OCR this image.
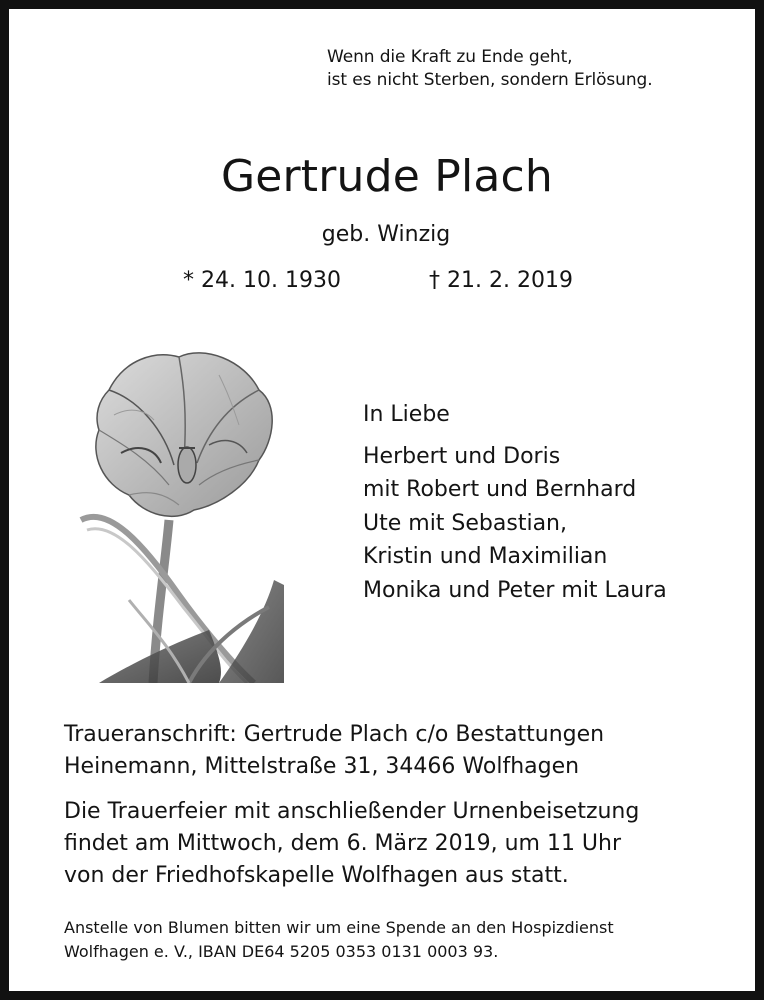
Wenn die Kraft zu Ende geht,
ist es nicht Sterben, sondern Erlösung.
Gertrude Plach
geb. Winzig
* 24. 10. 1930	† 21. 2. 2019
In Liebe
Herbert und Doris
mit Robert und Bernhard
Ute mit Sebastian,
Kristin und Maximilian
Monika und Peter mit Laura
Traueranschrift: Gertrude Plach c/o Bestattungen
Heinemann, Mittelstraße 31, 34466 Wolfhagen
Die Trauerfeier mit anschließender Urnenbeisetzung
findet am Mittwoch, dem 6. März 2019, um 11 Uhr
von der Friedhofskapelle Wolfhagen aus statt.
Anstelle von Blumen bitten wir um eine Spende an den Hospizdienst
Wolfhagen e. V., IBAN DE64 5205 0353 0131 0003 93.
